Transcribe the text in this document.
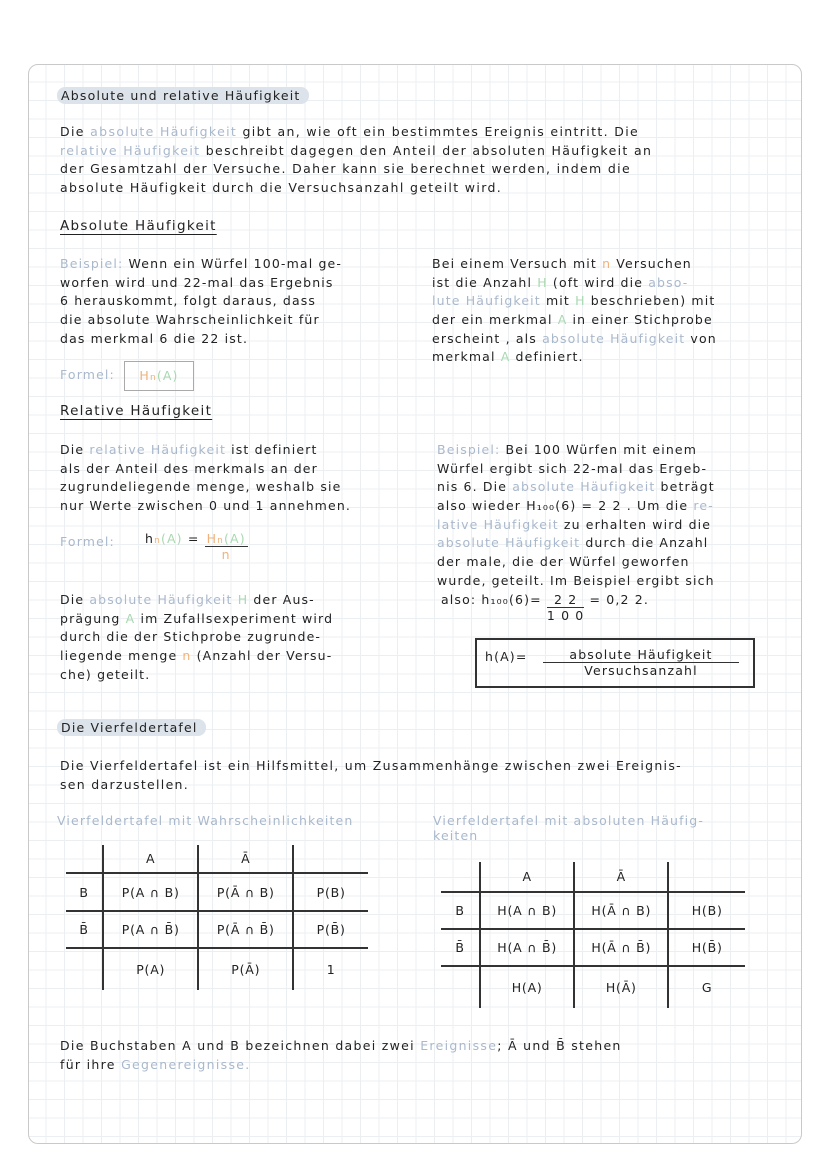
Absolute und relative Häufigkeit
Die absolute Häufigkeit gibt an, wie oft ein bestimmtes Ereignis eintritt. Die
relative Häufigkeit beschreibt dagegen den Anteil der absoluten Häufigkeit an
der Gesamtzahl der Versuche. Daher kann sie berechnet werden, indem die
absolute Häufigkeit durch die Versuchsanzahl geteilt wird.
Absolute Häufigkeit
Beispiel: Wenn ein Würfel 100-mal ge-
worfen wird und 22-mal das Ergebnis
6 herauskommt, folgt daraus, dass
die absolute Wahrscheinlichkeit für
das merkmal 6 die 22 ist.
Bei einem Versuch mit n Versuchen
ist die Anzahl H (oft wird die abso-
lute Häufigkeit mit H beschrieben) mit
der ein merkmal A in einer Stichprobe
erscheint , als absolute Häufigkeit von
merkmal A definiert.
Formel:	Hn(A)
Relative Häufigkeit
Die relative Häufigkeit ist definiert
als der Anteil des merkmals an der
zugrundeliegende menge, weshalb sie
nur Werte zwischen 0 und 1 annehmen.
Formel: $hn(A) = \frac{Hn(A)}{n}$
Die absolute Häufigkeit H der Aus-
prägung A im Zufallsexperiment wird
durch die der Stichprobe zugrunde-
liegende menge n (Anzahl der Versu-
che) geteilt.
Beispiel: Bei 100 Würfen mit einem
Würfel ergibt sich 22-mal das Ergeb-
nis 6. Die absolute Häufigkeit beträgt
also wieder H₁₀₀(6) = 2 2 . Um die re-
lative Häufigkeit zu erhalten wird die
absolute Häufigkeit durch die Anzahl
der male, die der Würfel geworfen
wurde, geteilt. Im Beispiel ergibt sich
also: $h_{100}(6)= \frac{2 2}{1 0 0} = 0,2$ 2.
h(A)=	absolute Häufigkeit
Versuchsanzahl
Die Vierfeldertafel
Die Vierfeldertafel ist ein Hilfsmittel, um Zusammenhänge zwischen zwei Ereignis-
sen darzustellen.
Vierfeldertafel mit Wahrscheinlichkeiten	Vierfeldertafel mit absoluten Häufig-
keiten
	A	Ā	
B	P(A ∩ B)	P(Ā ∩ B)	P(B)
B̄	P(A ∩ B̄)	P(Ā ∩ B̄)	P(B̄)
	P(A)	P(Ā)	1
	A	Ā	
B	H(A ∩ B)	H(Ā ∩ B)	H(B)
B̄	H(A ∩ B̄)	H(Ā ∩ B̄)	H(B̄)
	H(A)	H(Ā)	G
Die Buchstaben A und B bezeichnen dabei zwei Ereignisse; Ā und B̄ stehen
für ihre Gegenereignisse.
